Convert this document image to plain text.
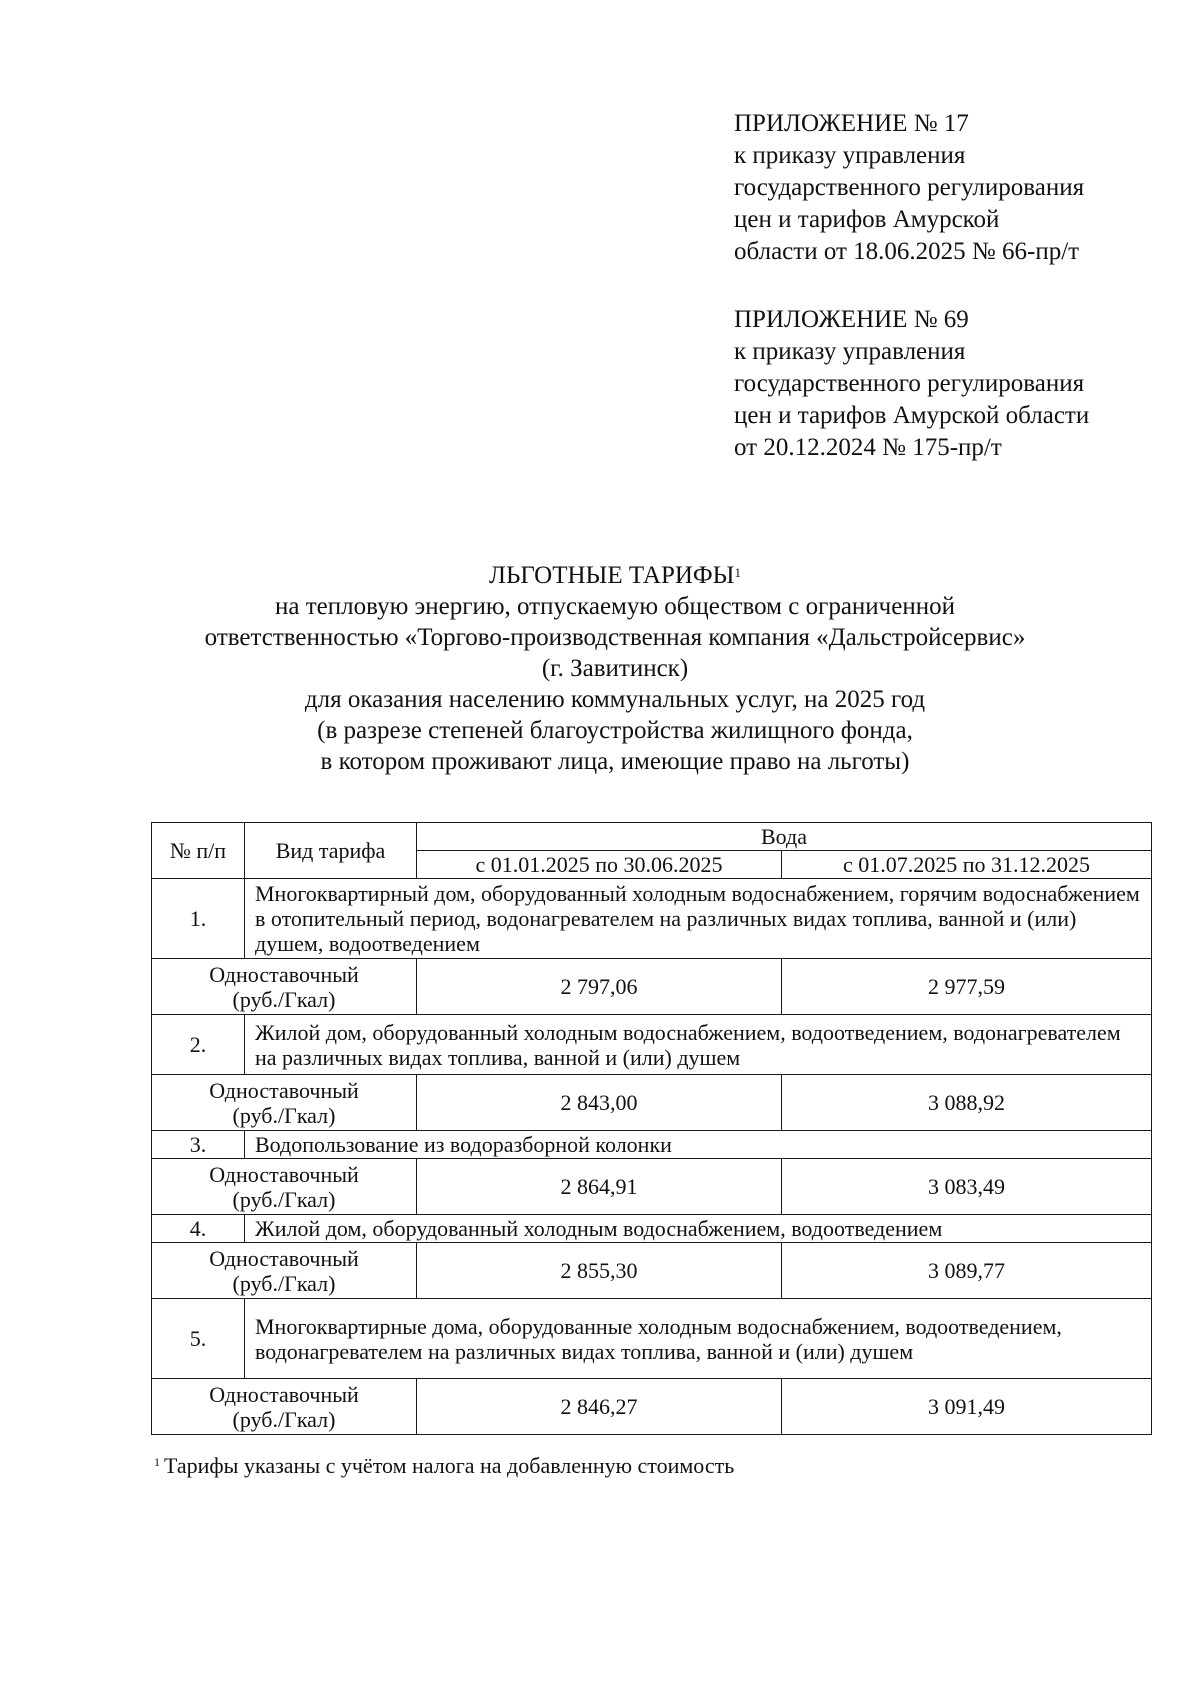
ПРИЛОЖЕНИЕ № 17
к приказу управления
государственного регулирования
цен и тарифов Амурской
области от 18.06.2025 № 66-пр/т
ПРИЛОЖЕНИЕ № 69
к приказу управления
государственного регулирования
цен и тарифов Амурской области
от 20.12.2024 № 175-пр/т
ЛЬГОТНЫЕ ТАРИФЫ$^1$
на тепловую энергию, отпускаемую обществом с ограниченной
ответственностью «Торгово-производственная компания «Дальстройсервис»
(г. Завитинск)
для оказания населению коммунальных услуг, на 2025 год
(в разрезе степеней благоустройства жилищного фонда,
в котором проживают лица, имеющие право на льготы)
№ п/п	Вид тарифа	Вода	
		с 01.01.2025 по 30.06.2025	с 01.07.2025 по 31.12.2025
1.	Многоквартирный дом, оборудованный холодным водоснабжением, горячим водоснабжением в отопительный период, водонагревателем на различных видах топлива, ванной и (или) душем, водоотведением		

Одноставочный
(руб./Гкал)		2 797,06	2 977,59
2.	Жилой дом, оборудованный холодным водоснабжением, водоотведением, водонагревателем на различных видах топлива, ванной и (или) душем		

Одноставочный
(руб./Гкал)		2 843,00	3 088,92
3.	Водопользование из водоразборной колонки		

Одноставочный
(руб./Гкал)		2 864,91	3 083,49
4.	Жилой дом, оборудованный холодным водоснабжением, водоотведением		

Одноставочный
(руб./Гкал)		2 855,30	3 089,77
5.	Многоквартирные дома, оборудованные холодным водоснабжением, водоотведением, водонагревателем на различных видах топлива, ванной и (или) душем		

Одноставочный
(руб./Гкал)		2 846,27	3 091,49
1 Тарифы указаны с учётом налога на добавленную стоимость
